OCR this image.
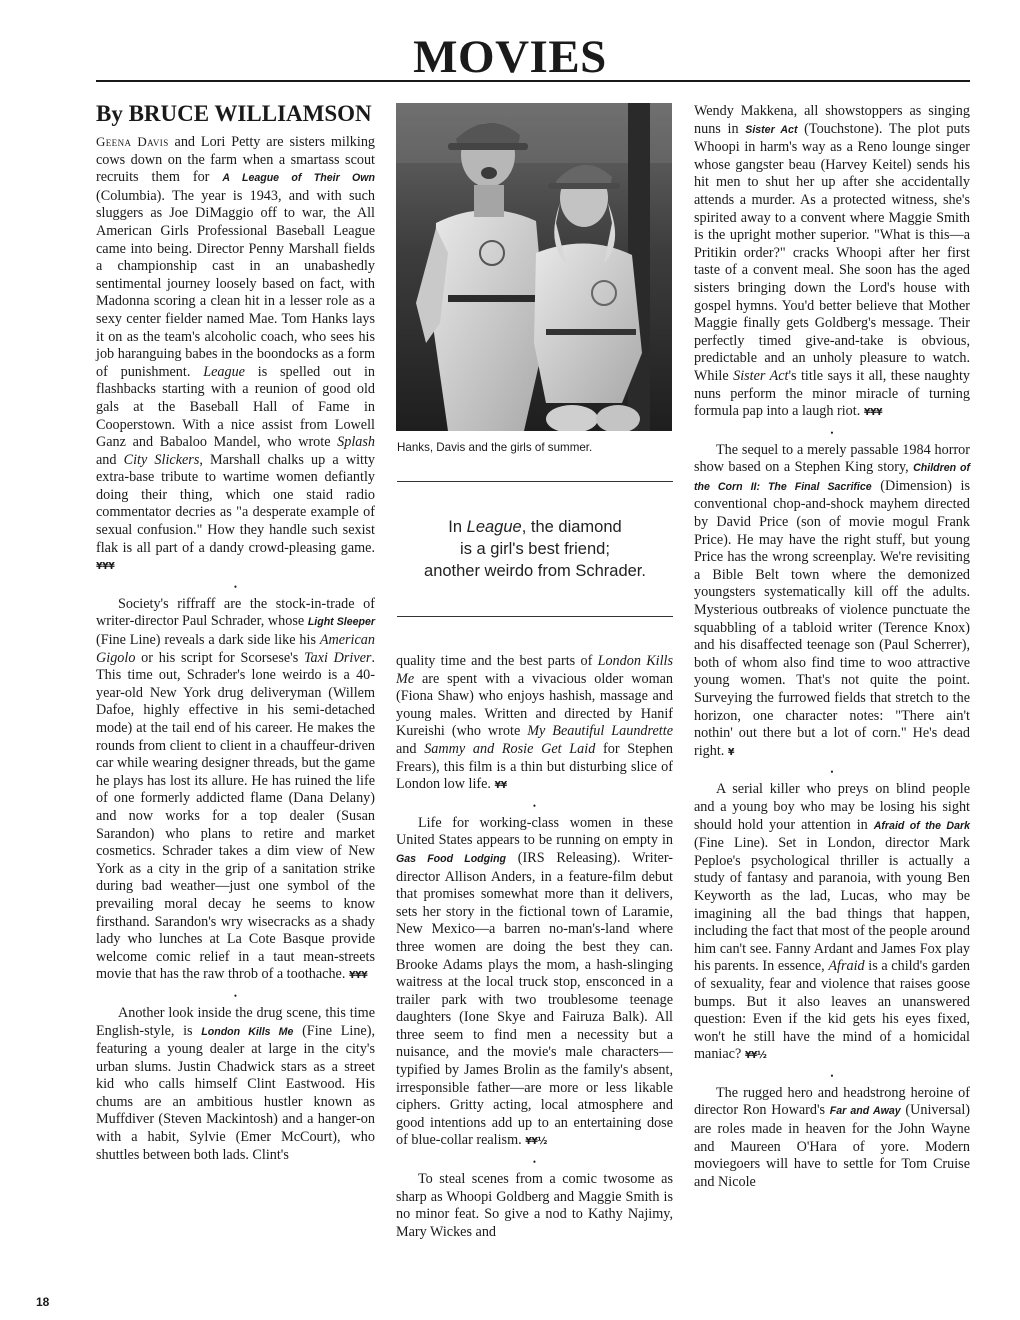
MOVIES
By BRUCE WILLIAMSON

Geena Davis and Lori Petty are sisters milking cows down on the farm when a smartass scout recruits them for A League of Their Own (Columbia). The year is 1943, and with such sluggers as Joe DiMaggio off to war, the All American Girls Professional Baseball League came into being. Director Penny Marshall fields a championship cast in an unabashedly sentimental journey loosely based on fact, with Madonna scoring a clean hit in a lesser role as a sexy center fielder named Mae. Tom Hanks lays it on as the team's alcoholic coach, who sees his job haranguing babes in the boondocks as a form of punishment. League is spelled out in flashbacks starting with a reunion of good old gals at the Baseball Hall of Fame in Cooperstown. With a nice assist from Lowell Ganz and Babaloo Mandel, who wrote Splash and City Slickers, Marshall chalks up a witty extra-base tribute to wartime women defiantly doing their thing, which one staid radio commentator decries as "a desperate example of sexual confusion." How they handle such sexist flak is all part of a dandy crowd-pleasing game. ¥¥¥

•

Society's riffraff are the stock-in-trade of writer-director Paul Schrader, whose Light Sleeper (Fine Line) reveals a dark side like his American Gigolo or his script for Scorsese's Taxi Driver. This time out, Schrader's lone weirdo is a 40-year-old New York drug deliveryman (Willem Dafoe, highly effective in his semi-detached mode) at the tail end of his career. He makes the rounds from client to client in a chauffeur-driven car while wearing designer threads, but the game he plays has lost its allure. He has ruined the life of one formerly addicted flame (Dana Delany) and now works for a top dealer (Susan Sarandon) who plans to retire and market cosmetics. Schrader takes a dim view of New York as a city in the grip of a sanitation strike during bad weather—just one symbol of the prevailing moral decay he seems to know firsthand. Sarandon's wry wisecracks as a shady lady who lunches at La Cote Basque provide welcome comic relief in a taut mean-streets movie that has the raw throb of a toothache. ¥¥¥

•

Another look inside the drug scene, this time English-style, is London Kills Me (Fine Line), featuring a young dealer at large in the city's urban slums. Justin Chadwick stars as a street kid who calls himself Clint Eastwood. His chums are an ambitious hustler known as Muffdiver (Steven Mackintosh) and a hanger-on with a habit, Sylvie (Emer McCourt), who shuttles between both lads. Clint's

Hanks, Davis and the girls of summer.
In League, the diamond
is a girl's best friend;
another weirdo from Schrader.

quality time and the best parts of London Kills Me are spent with a vivacious older woman (Fiona Shaw) who enjoys hashish, massage and young males. Written and directed by Hanif Kureishi (who wrote My Beautiful Laundrette and Sammy and Rosie Get Laid for Stephen Frears), this film is a thin but disturbing slice of London low life. ¥¥

•

Life for working-class women in these United States appears to be running on empty in Gas Food Lodging (IRS Releasing). Writer-director Allison Anders, in a feature-film debut that promises somewhat more than it delivers, sets her story in the fictional town of Laramie, New Mexico—a barren no-man's-land where three women are doing the best they can. Brooke Adams plays the mom, a hash-slinging waitress at the local truck stop, ensconced in a trailer park with two troublesome teenage daughters (Ione Skye and Fairuza Balk). All three seem to find men a necessity but a nuisance, and the movie's male characters—typified by James Brolin as the family's absent, irresponsible father—are more or less likable ciphers. Gritty acting, local atmosphere and good intentions add up to an entertaining dose of blue-collar realism. ¥¥½

•

To steal scenes from a comic twosome as sharp as Whoopi Goldberg and Maggie Smith is no minor feat. So give a nod to Kathy Najimy, Mary Wickes and

Wendy Makkena, all showstoppers as singing nuns in Sister Act (Touchstone). The plot puts Whoopi in harm's way as a Reno lounge singer whose gangster beau (Harvey Keitel) sends his hit men to shut her up after she accidentally attends a murder. As a protected witness, she's spirited away to a convent where Maggie Smith is the upright mother superior. "What is this—a Pritikin order?" cracks Whoopi after her first taste of a convent meal. She soon has the aged sisters bringing down the Lord's house with gospel hymns. You'd better believe that Mother Maggie finally gets Goldberg's message. Their perfectly timed give-and-take is obvious, predictable and an unholy pleasure to watch. While Sister Act's title says it all, these naughty nuns perform the minor miracle of turning formula pap into a laugh riot. ¥¥¥

•

The sequel to a merely passable 1984 horror show based on a Stephen King story, Children of the Corn II: The Final Sacrifice (Dimension) is conventional chop-and-shock mayhem directed by David Price (son of movie mogul Frank Price). He may have the right stuff, but young Price has the wrong screenplay. We're revisiting a Bible Belt town where the demonized youngsters systematically kill off the adults. Mysterious outbreaks of violence punctuate the squabbling of a tabloid writer (Terence Knox) and his disaffected teenage son (Paul Scherrer), both of whom also find time to woo attractive young women. That's not quite the point. Surveying the furrowed fields that stretch to the horizon, one character notes: "There ain't nothin' out there but a lot of corn." He's dead right. ¥

•

A serial killer who preys on blind people and a young boy who may be losing his sight should hold your attention in Afraid of the Dark (Fine Line). Set in London, director Mark Peploe's psychological thriller is actually a study of fantasy and paranoia, with young Ben Keyworth as the lad, Lucas, who may be imagining all the bad things that happen, including the fact that most of the people around him can't see. Fanny Ardant and James Fox play his parents. In essence, Afraid is a child's garden of sexuality, fear and violence that raises goose bumps. But it also leaves an unanswered question: Even if the kid gets his eyes fixed, won't he still have the mind of a homicidal maniac? ¥¥½

•

The rugged hero and headstrong heroine of director Ron Howard's Far and Away (Universal) are roles made in heaven for the John Wayne and Maureen O'Hara of yore. Modern moviegoers will have to settle for Tom Cruise and Nicole

18
